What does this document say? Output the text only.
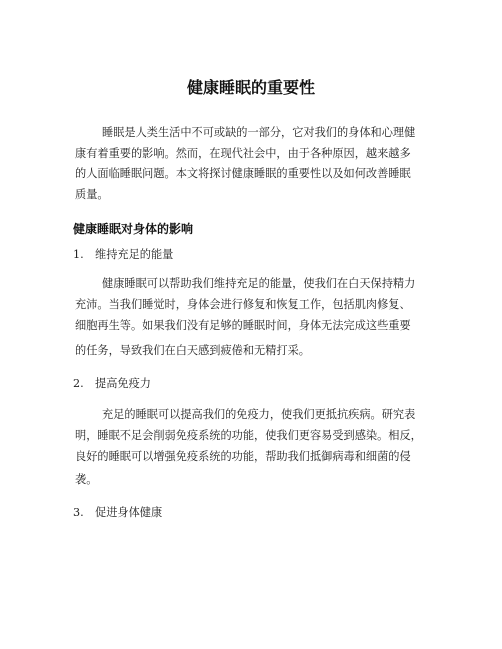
健康睡眠的重要性
睡眠是人类生活中不可或缺的一部分，它对我们的身体和心理健
康有着重要的影响。然而，在现代社会中，由于各种原因，越来越多
的人面临睡眠问题。本文将探讨健康睡眠的重要性以及如何改善睡眠
质量。
健康睡眠对身体的影响
1. 维持充足的能量
健康睡眠可以帮助我们维持充足的能量，使我们在白天保持精力
充沛。当我们睡觉时，身体会进行修复和恢复工作，包括肌肉修复、
细胞再生等。如果我们没有足够的睡眠时间，身体无法完成这些重要
的任务，导致我们在白天感到疲倦和无精打采。
2. 提高免疫力
充足的睡眠可以提高我们的免疫力，使我们更抵抗疾病。研究表
明，睡眠不足会削弱免疫系统的功能，使我们更容易受到感染。相反，
良好的睡眠可以增强免疫系统的功能，帮助我们抵御病毒和细菌的侵
袭。
3. 促进身体健康
